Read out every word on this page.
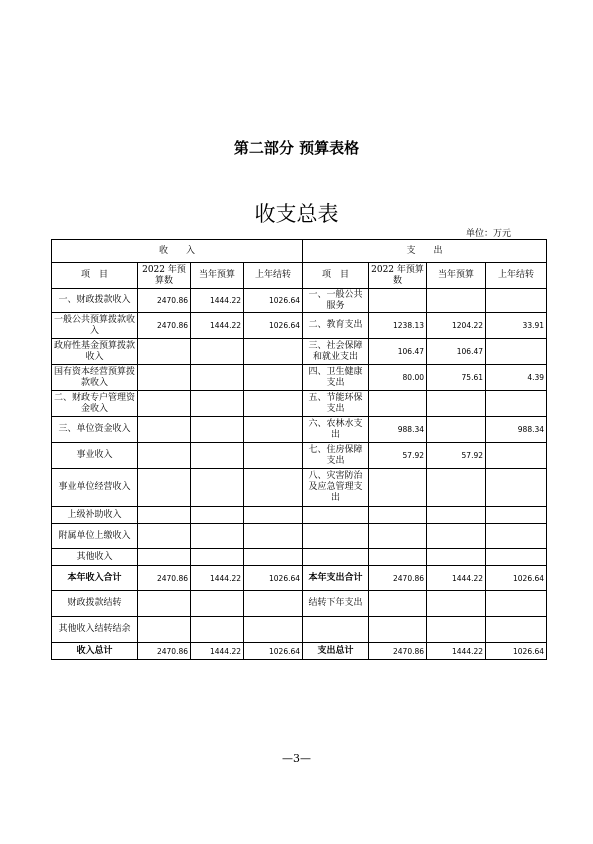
第二部分 预算表格
收支总表
单位：万元
收　　入				支　　出			
项　目	2022 年预算数	当年预算	上年结转	项　目	2022 年预算数	当年预算	上年结转
一、财政拨款收入	2470.86	1444.22	1026.64	一、一般公共服务			
一般公共预算拨款收入	2470.86	1444.22	1026.64	二、教育支出	1238.13	1204.22	33.91
政府性基金预算拨款收入				三、社会保障和就业支出	106.47	106.47	
国有资本经营预算拨款收入				四、卫生健康支出	80.00	75.61	4.39
二、财政专户管理资金收入				五、节能环保支出			
三、单位资金收入				六、农林水支出	988.34		988.34
事业收入				七、住房保障支出	57.92	57.92	
事业单位经营收入				八、灾害防治及应急管理支出			
上级补助收入							
附属单位上缴收入							
其他收入							
本年收入合计	2470.86	1444.22	1026.64	本年支出合计	2470.86	1444.22	1026.64
财政拨款结转				结转下年支出			
其他收入结转结余							
收入总计	2470.86	1444.22	1026.64	支出总计	2470.86	1444.22	1026.64
—3—
